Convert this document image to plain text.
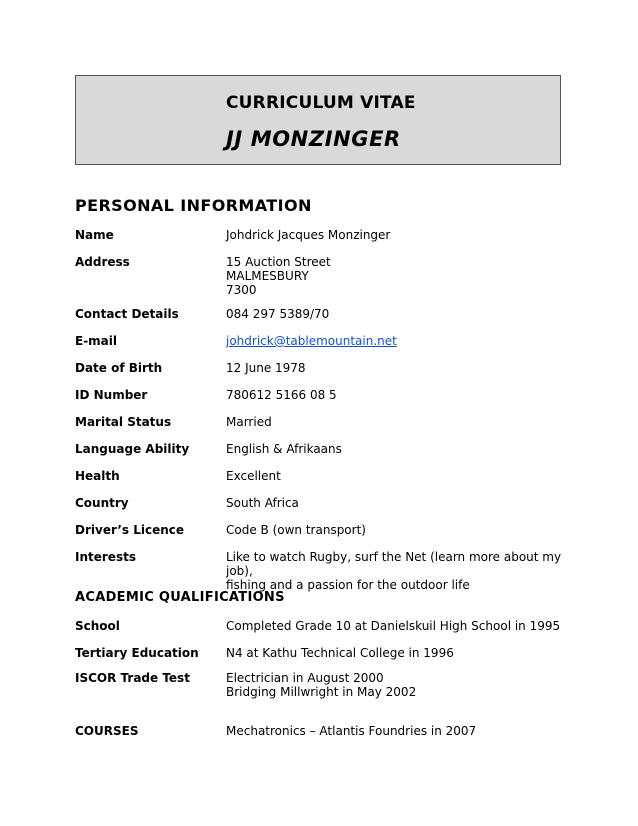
CURRICULUM VITAE
JJ MONZINGER
PERSONAL INFORMATION
Name	Johdrick Jacques Monzinger
Address	15 Auction Street
MALMESBURY
7300
Contact Details	084 297 5389/70
E-mail	johdrick@tablemountain.net
Date of Birth	12 June 1978
ID Number	780612 5166 08 5
Marital Status	Married
Language Ability	English & Afrikaans
Health	Excellent
Country	South Africa
Driver’s Licence	Code B (own transport)
Interests	Like to watch Rugby, surf the Net (learn more about my job),
fishing and a passion for the outdoor life
ACADEMIC QUALIFICATIONS
School	Completed Grade 10 at Danielskuil High School in 1995
Tertiary Education	N4 at Kathu Technical College in 1996
ISCOR Trade Test	Electrician in August 2000
Bridging Millwright in May 2002
COURSES	Mechatronics – Atlantis Foundries in 2007
